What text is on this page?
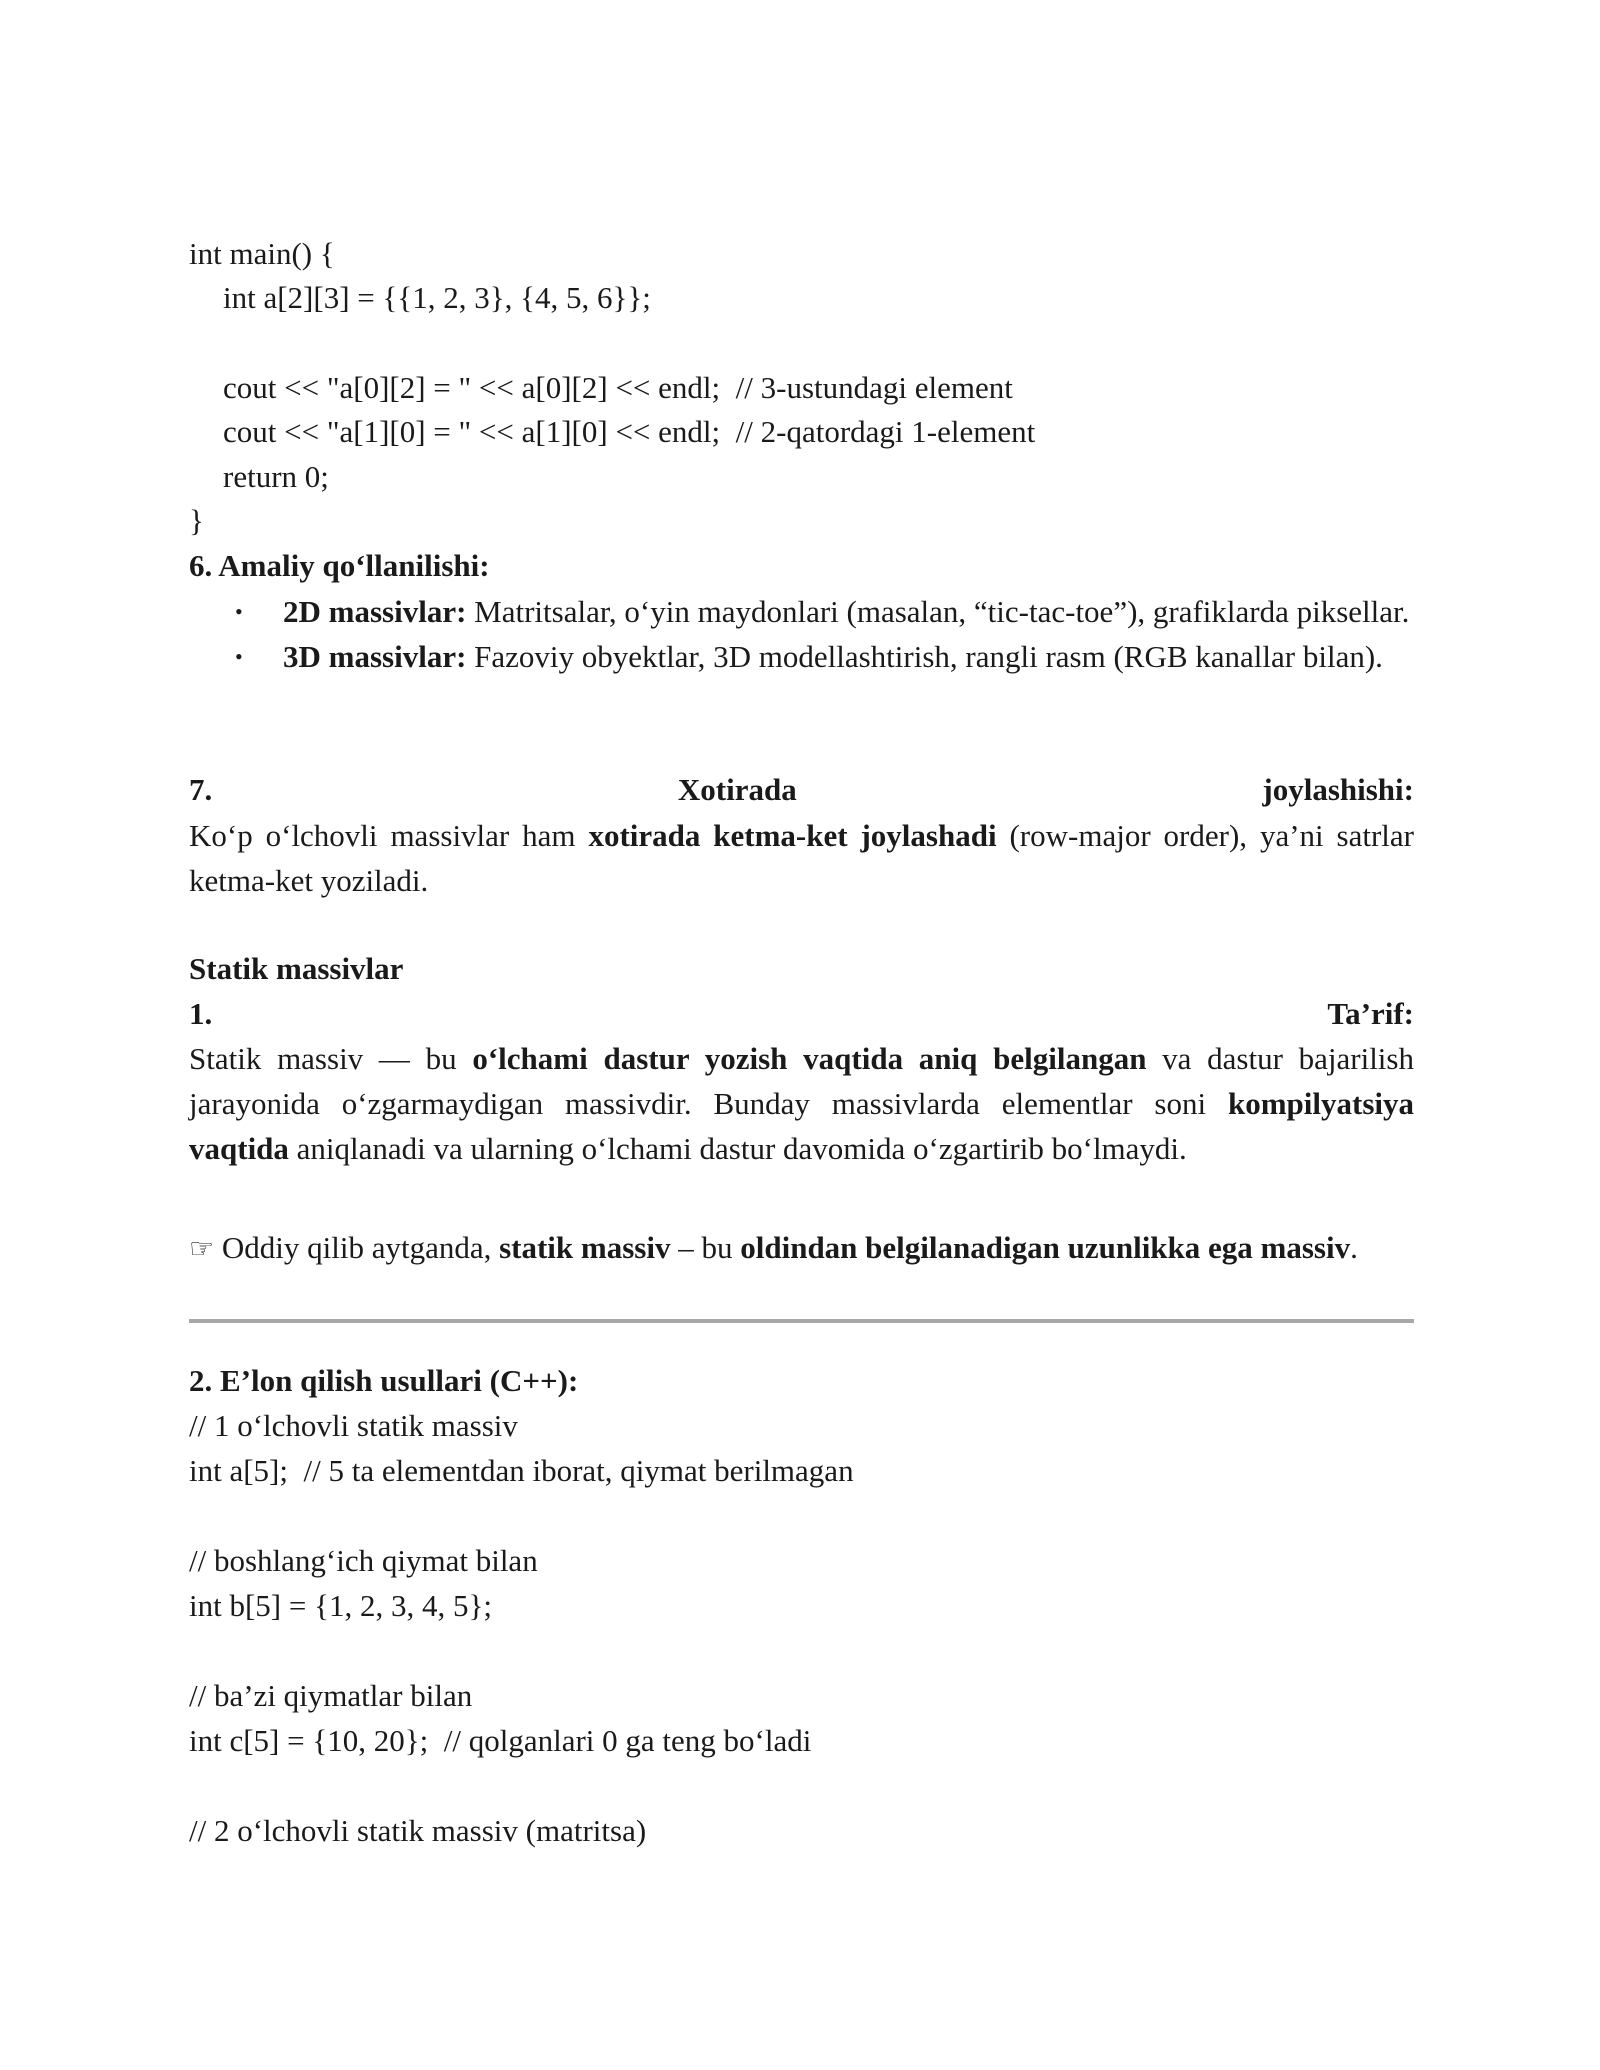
int main() {
int a[2][3] = {{1, 2, 3}, {4, 5, 6}};
cout << "a[0][2] = " << a[0][2] << endl;  // 3-ustundagi element
cout << "a[1][0] = " << a[1][0] << endl;  // 2-qatordagi 1-element
return 0;
}
6. Amaliy qo‘llanilishi:
• 2D massivlar: Matritsalar, o‘yin maydonlari (masalan, “tic-tac-toe”), grafiklarda piksellar.
• 3D massivlar: Fazoviy obyektlar, 3D modellashtirish, rangli rasm (RGB kanallar bilan).
7.	Xotirada	joylashishi:
Ko‘p o‘lchovli massivlar ham xotirada ketma-ket joylashadi (row-major order), ya’ni satrlar ketma-ket yoziladi.
Statik massivlar
1.	Ta’rif:
Statik massiv — bu o‘lchami dastur yozish vaqtida aniq belgilangan va dastur bajarilish jarayonida o‘zgarmaydigan massivdir. Bunday massivlarda elementlar soni kompilyatsiya vaqtida aniqlanadi va ularning o‘lchami dastur davomida o‘zgartirib bo‘lmaydi.
☞ Oddiy qilib aytganda, statik massiv – bu oldindan belgilanadigan uzunlikka ega massiv.
2. E’lon qilish usullari (C++):
// 1 o‘lchovli statik massiv
int a[5];  // 5 ta elementdan iborat, qiymat berilmagan
// boshlang‘ich qiymat bilan
int b[5] = {1, 2, 3, 4, 5};
// ba’zi qiymatlar bilan
int c[5] = {10, 20};  // qolganlari 0 ga teng bo‘ladi
// 2 o‘lchovli statik massiv (matritsa)
